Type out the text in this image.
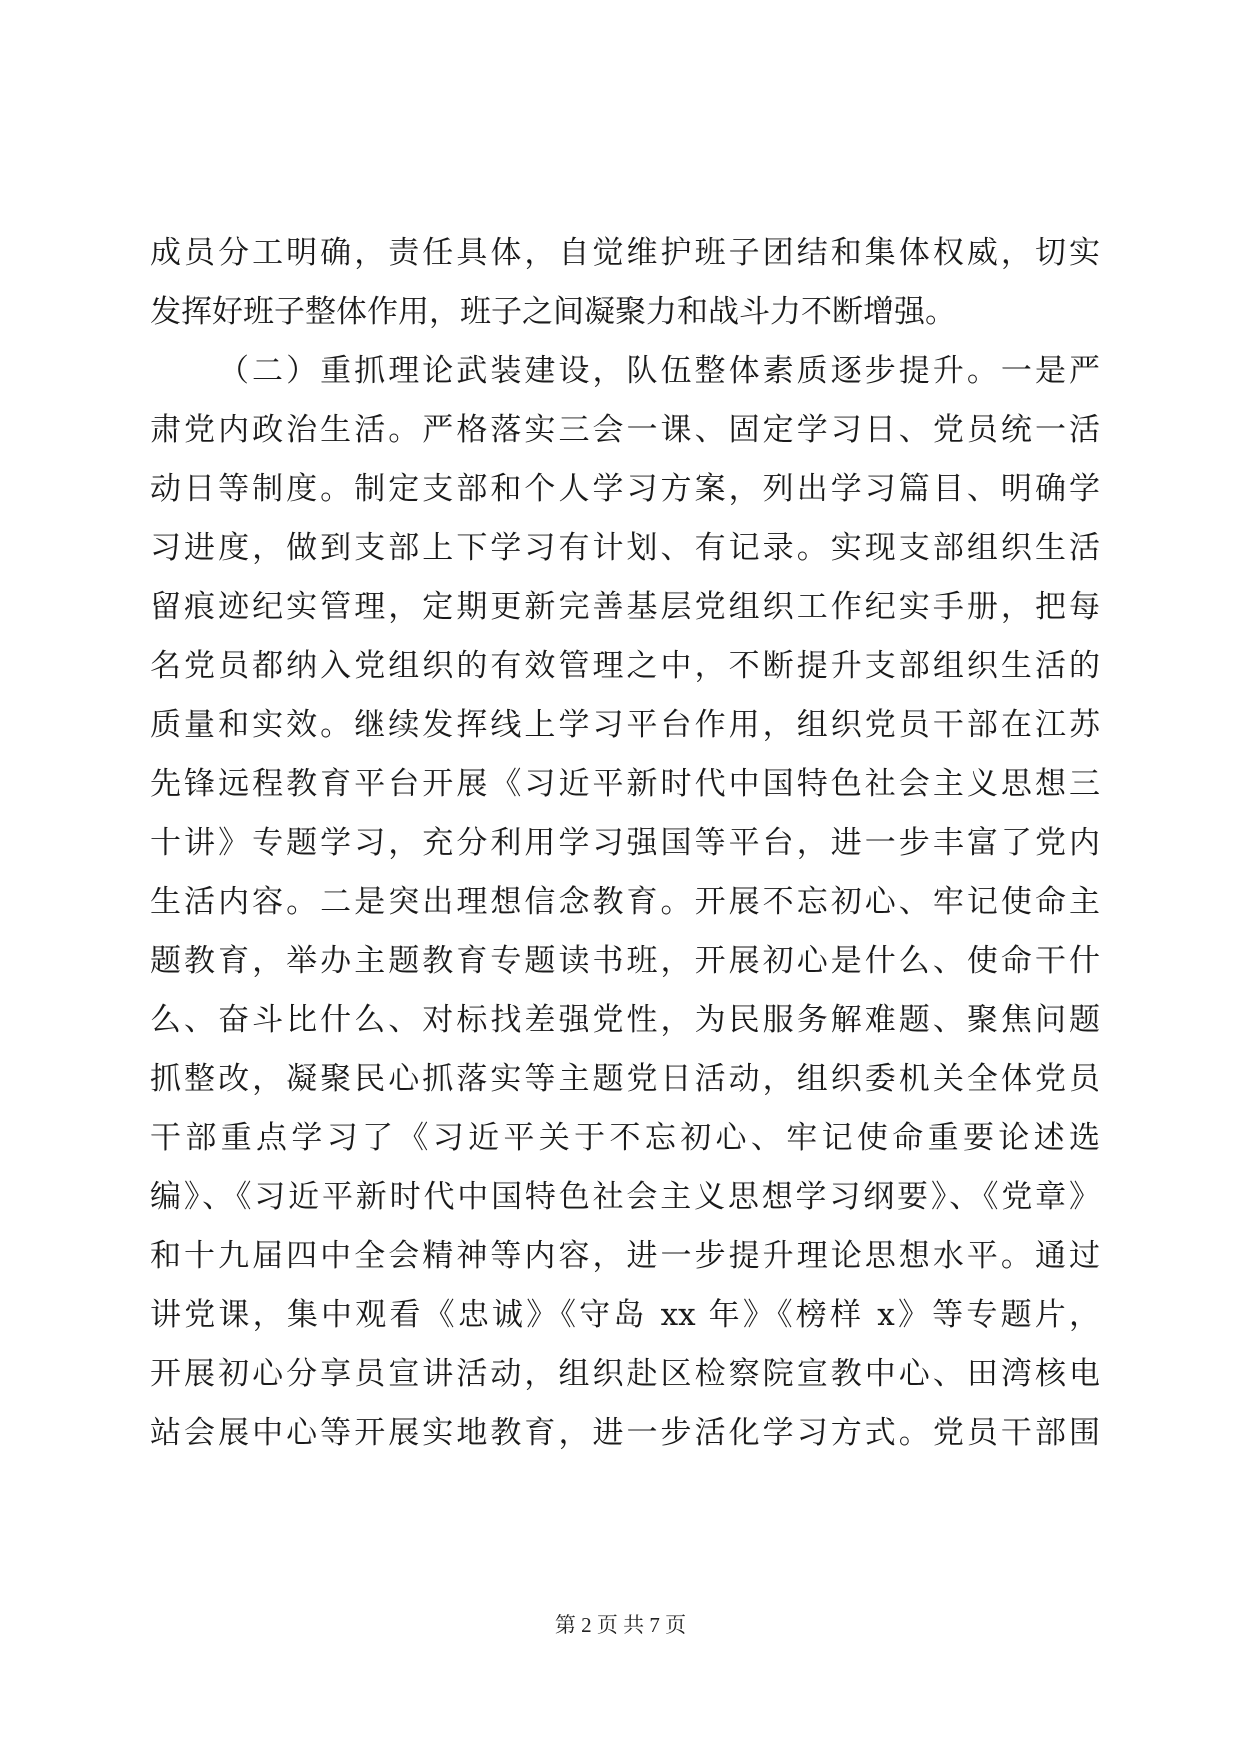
成员分工明确，责任具体，自觉维护班子团结和集体权威，切实
发挥好班子整体作用，班子之间凝聚力和战斗力不断增强。
（二）重抓理论武装建设，队伍整体素质逐步提升。一是严
肃党内政治生活。严格落实三会一课、固定学习日、党员统一活
动日等制度。制定支部和个人学习方案，列出学习篇目、明确学
习进度，做到支部上下学习有计划、有记录。实现支部组织生活
留痕迹纪实管理，定期更新完善基层党组织工作纪实手册，把每
名党员都纳入党组织的有效管理之中，不断提升支部组织生活的
质量和实效。继续发挥线上学习平台作用，组织党员干部在江苏
先锋远程教育平台开展《习近平新时代中国特色社会主义思想三
十讲》专题学习，充分利用学习强国等平台，进一步丰富了党内
生活内容。二是突出理想信念教育。开展不忘初心、牢记使命主
题教育，举办主题教育专题读书班，开展初心是什么、使命干什
么、奋斗比什么、对标找差强党性，为民服务解难题、聚焦问题
抓整改，凝聚民心抓落实等主题党日活动，组织委机关全体党员
干部重点学习了《习近平关于不忘初心、牢记使命重要论述选
编》、《习近平新时代中国特色社会主义思想学习纲要》、《党章》
和十九届四中全会精神等内容，进一步提升理论思想水平。通过
讲党课，集中观看《忠诚》《守岛 xx 年》《榜样 x》等专题片，
开展初心分享员宣讲活动，组织赴区检察院宣教中心、田湾核电
站会展中心等开展实地教育，进一步活化学习方式。党员干部围
第 2 页 共 7 页
